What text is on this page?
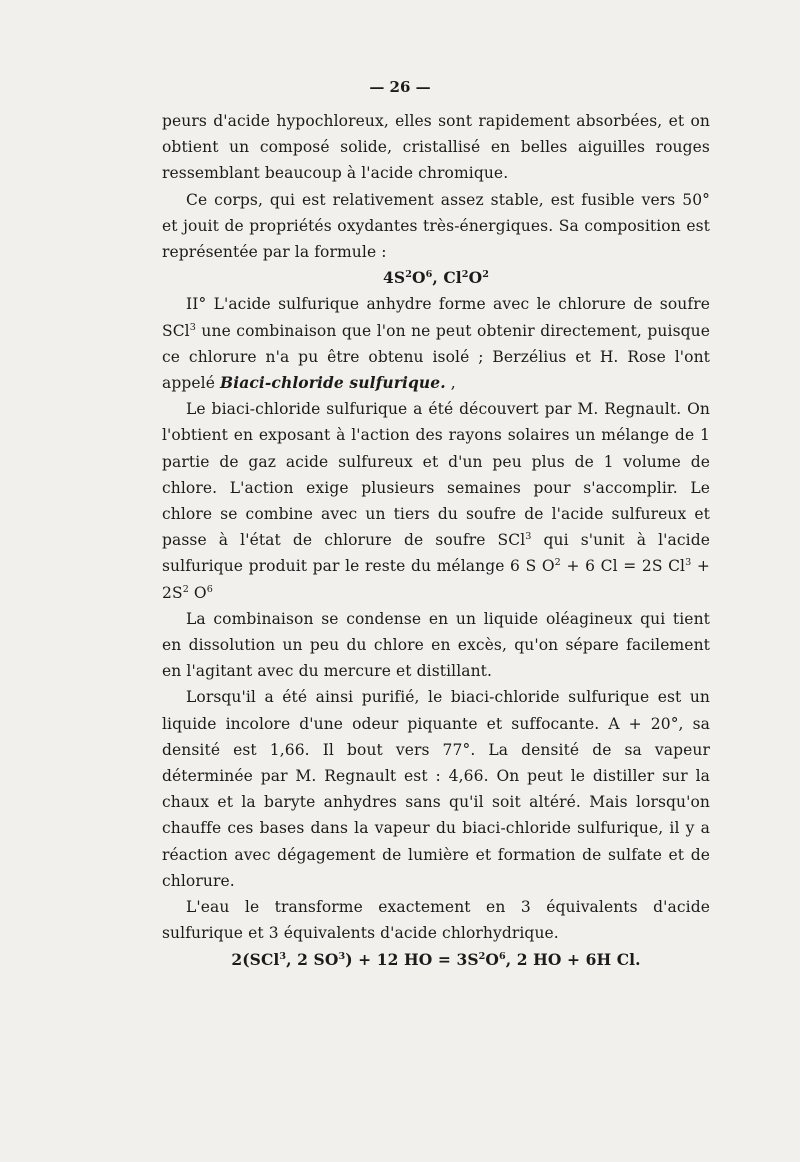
— 26 —

peurs d'acide hypochloreux, elles sont rapidement absorbées, et on obtient un composé solide, cristallisé en belles aiguilles rouges ressemblant beaucoup à l'acide chromique.

Ce corps, qui est relativement assez stable, est fusible vers 50° et jouit de propriétés oxydantes très-énergiques. Sa composition est représentée par la formule :

$4S^2O^6$, $Cl^2O^2$

II° L'acide sulfurique anhydre forme avec le chlorure de soufre SCl$^3$ une combinaison que l'on ne peut obtenir directement, puisque ce chlorure n'a pu être obtenu isolé ; Berzélius et H. Rose l'ont appelé Biaci-chloride sulfurique. ,

Le biaci-chloride sulfurique a été découvert par M. Regnault. On l'obtient en exposant à l'action des rayons solaires un mélange de 1 partie de gaz acide sulfureux et d'un peu plus de 1 volume de chlore. L'action exige plusieurs semaines pour s'accomplir. Le chlore se combine avec un tiers du soufre de l'acide sulfureux et passe à l'état de chlorure de soufre SCl$^3$ qui s'unit à l'acide sulfurique produit par le reste du mélange 6 S $O^2 + 6$ Cl = 2S $Cl^3 + 2S^2$ $O^6$

La combinaison se condense en un liquide oléagineux qui tient en dissolution un peu du chlore en excès, qu'on sépare facilement en l'agitant avec du mercure et distillant.

Lorsqu'il a été ainsi purifié, le biaci-chloride sulfurique est un liquide incolore d'une odeur piquante et suffocante. A + 20°, sa densité est 1,66. Il bout vers 77°. La densité de sa vapeur déterminée par M. Regnault est : 4,66. On peut le distiller sur la chaux et la baryte anhydres sans qu'il soit altéré. Mais lorsqu'on chauffe ces bases dans la vapeur du biaci-chloride sulfurique, il y a réaction avec dégagement de lumière et formation de sulfate et de chlorure.

L'eau le transforme exactement en 3 équivalents d'acide sulfurique et 3 équivalents d'acide chlorhydrique.

2(SCl$^3$, 2 $SO^3) + 12$ HO = $3S^2O^6$, 2 HO + 6H Cl.
